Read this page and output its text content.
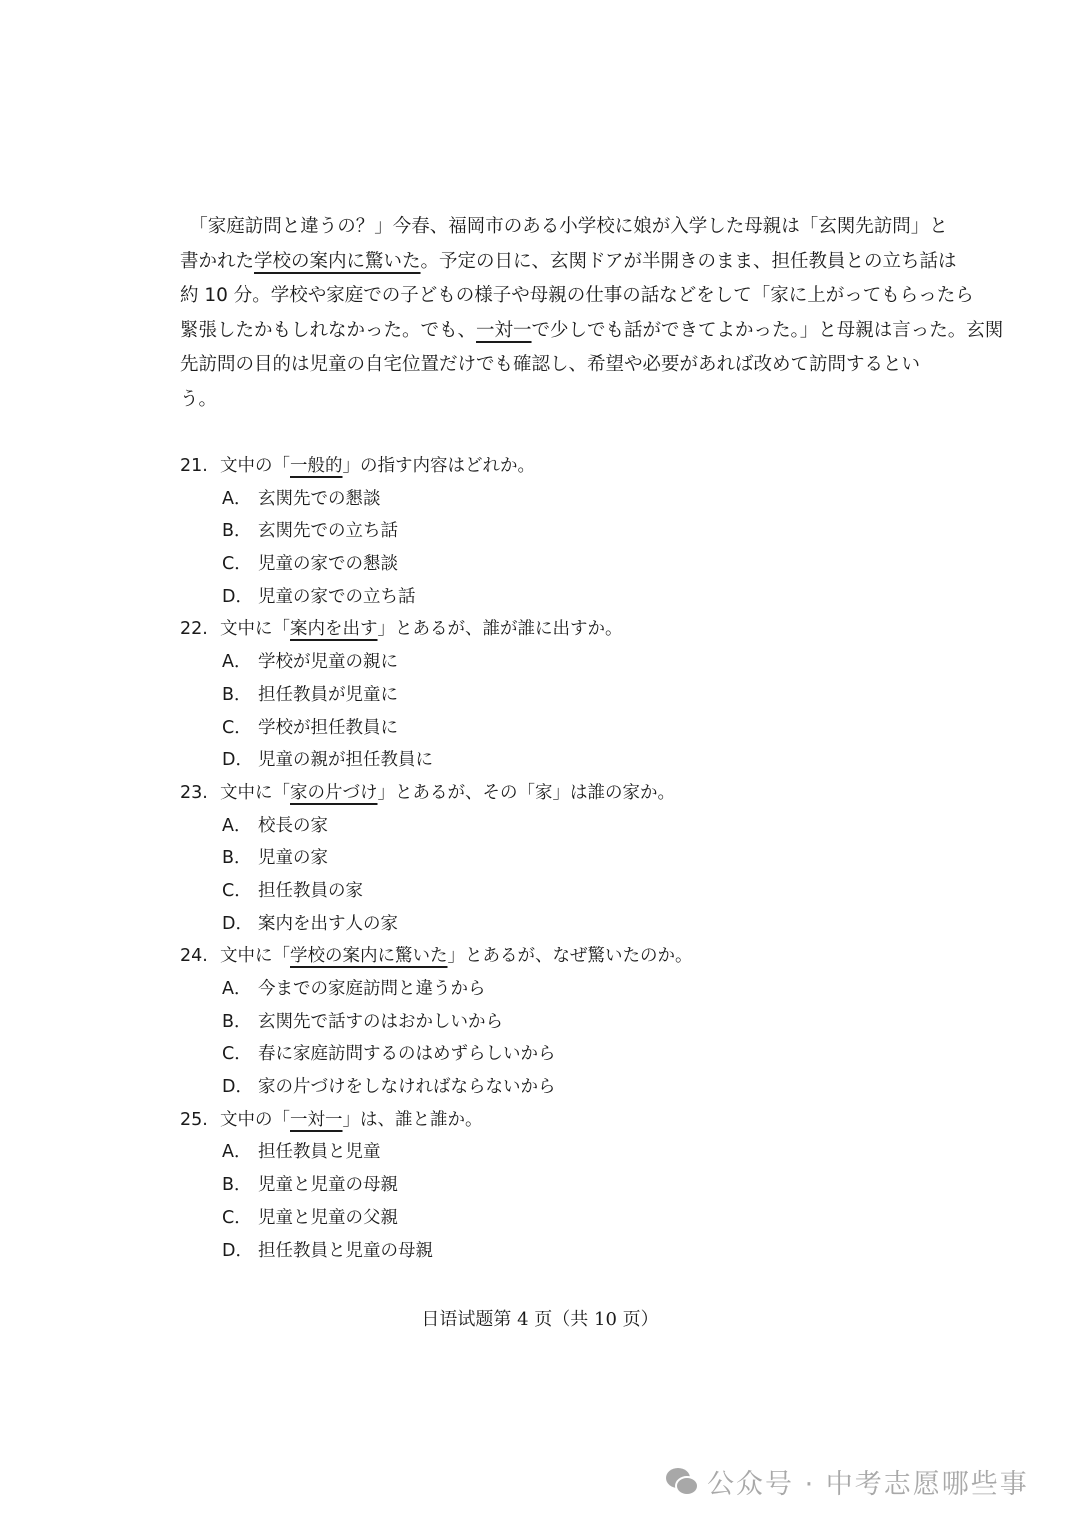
　「家庭訪問と違うの？」今春、福岡市のある小学校に娘が入学した母親は「玄関先訪問」と
書かれた学校の案内に驚いた。予定の日に、玄関ドアが半開きのまま、担任教員との立ち話は
約 10 分。学校や家庭での子どもの様子や母親の仕事の話などをして「家に上がってもらったら
緊張したかもしれなかった。でも、一対一で少しでも話ができてよかった。」と母親は言った。玄関
先訪問の目的は児童の自宅位置だけでも確認し、希望や必要があれば改めて訪問するとい
う。
21. 文中の「一般的」の指す内容はどれか。
A． 玄関先での懇談
B． 玄関先での立ち話
C． 児童の家での懇談
D． 児童の家での立ち話
22. 文中に「案内を出す」とあるが、誰が誰に出すか。
A． 学校が児童の親に
B． 担任教員が児童に
C． 学校が担任教員に
D． 児童の親が担任教員に
23. 文中に「家の片づけ」とあるが、その「家」は誰の家か。
A． 校長の家
B． 児童の家
C． 担任教員の家
D． 案内を出す人の家
24. 文中に「学校の案内に驚いた」とあるが、なぜ驚いたのか。
A． 今までの家庭訪問と違うから
B． 玄関先で話すのはおかしいから
C． 春に家庭訪問するのはめずらしいから
D． 家の片づけをしなければならないから
25. 文中の「一対一」は、誰と誰か。
A． 担任教員と児童
B． 児童と児童の母親
C． 児童と児童の父親
D． 担任教員と児童の母親
日语试题第 4 页（共 10 页）
公众号 · 中考志愿哪些事
